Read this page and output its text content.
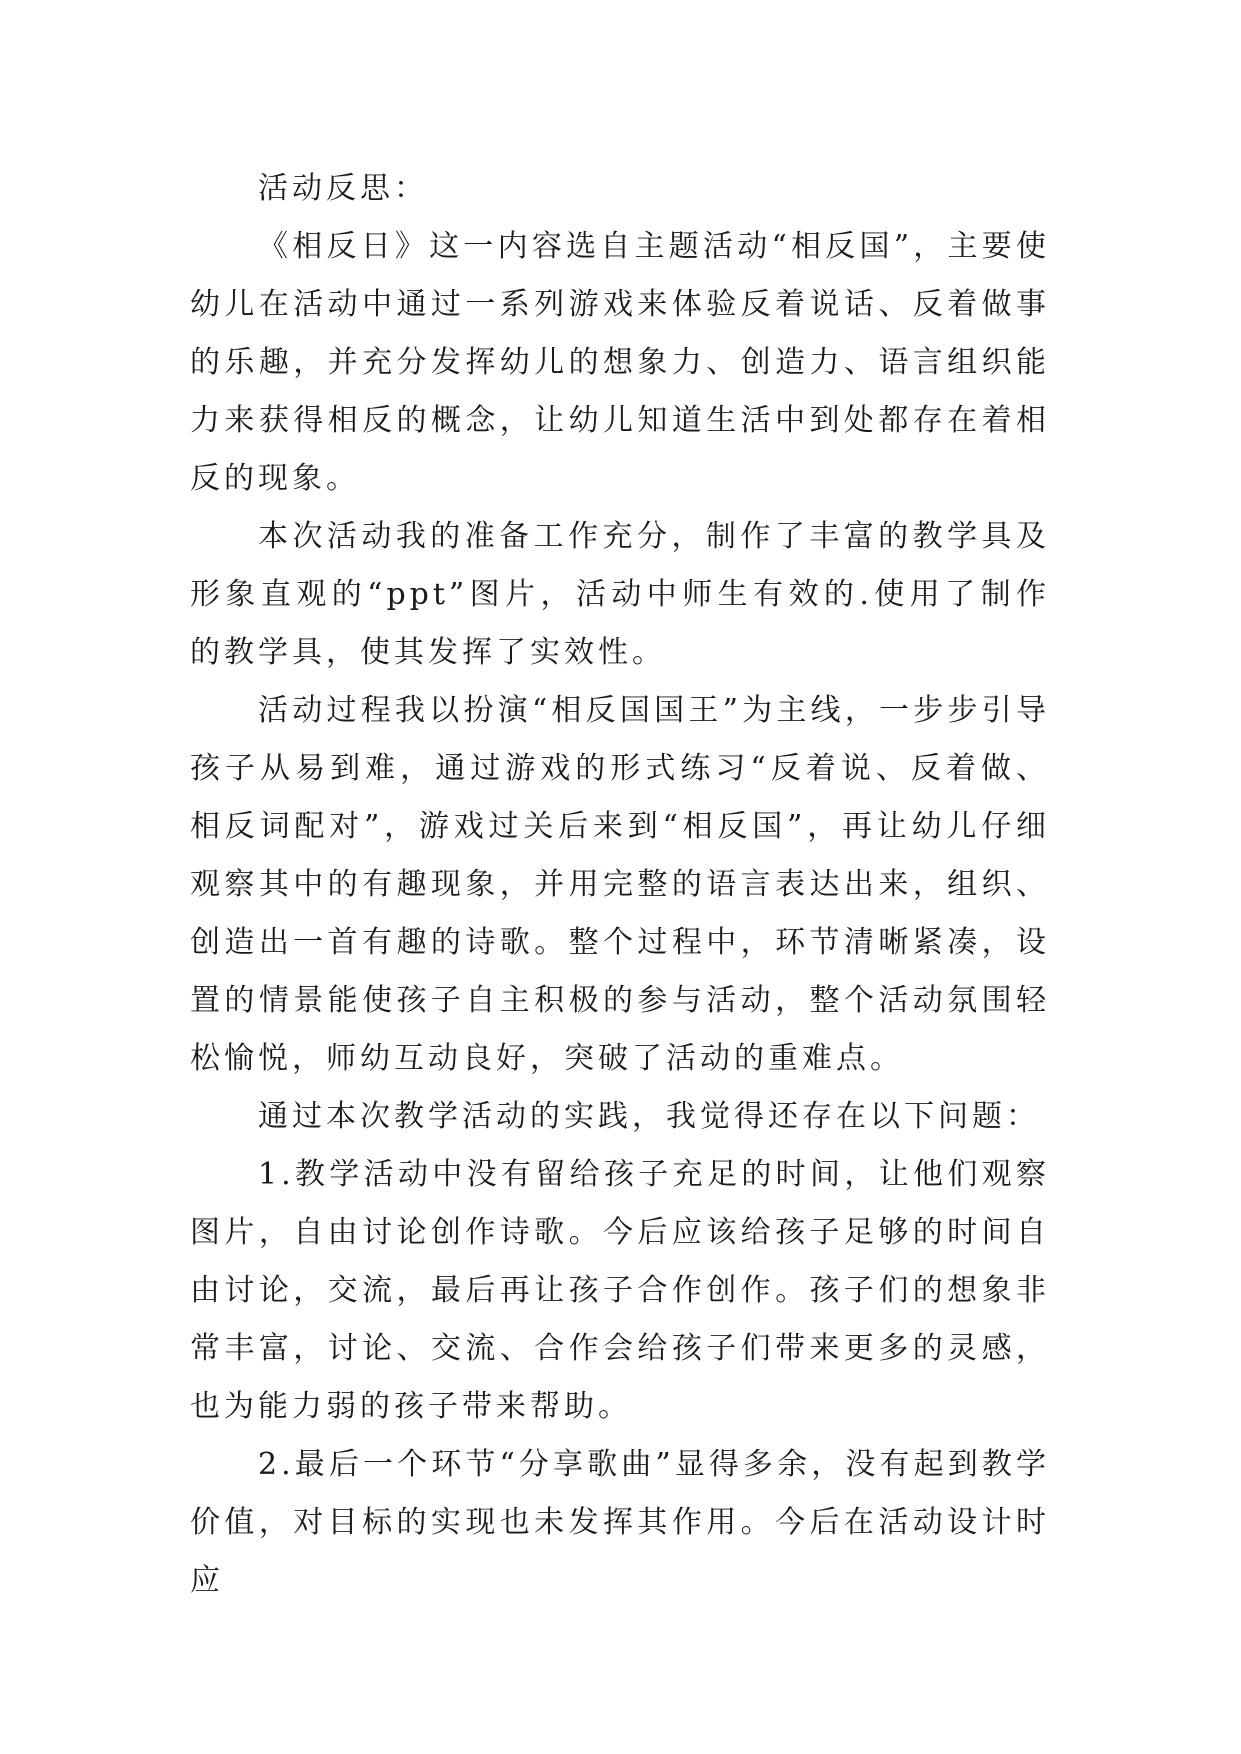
活动反思：

《相反日》这一内容选自主题活动“相反国”，主要使幼儿在活动中通过一系列游戏来体验反着说话、反着做事的乐趣，并充分发挥幼儿的想象力、创造力、语言组织能力来获得相反的概念，让幼儿知道生活中到处都存在着相反的现象。

本次活动我的准备工作充分，制作了丰富的教学具及形象直观的“ppt”图片，活动中师生有效的.使用了制作的教学具，使其发挥了实效性。

活动过程我以扮演“相反国国王”为主线，一步步引导孩子从易到难，通过游戏的形式练习“反着说、反着做、相反词配对”，游戏过关后来到“相反国”，再让幼儿仔细观察其中的有趣现象，并用完整的语言表达出来，组织、创造出一首有趣的诗歌。整个过程中，环节清晰紧凑，设置的情景能使孩子自主积极的参与活动，整个活动氛围轻松愉悦，师幼互动良好，突破了活动的重难点。

通过本次教学活动的实践，我觉得还存在以下问题：

1.教学活动中没有留给孩子充足的时间，让他们观察图片，自由讨论创作诗歌。今后应该给孩子足够的时间自由讨论，交流，最后再让孩子合作创作。孩子们的想象非常丰富，讨论、交流、合作会给孩子们带来更多的灵感，也为能力弱的孩子带来帮助。

2.最后一个环节“分享歌曲”显得多余，没有起到教学价值，对目标的实现也未发挥其作用。今后在活动设计时应
